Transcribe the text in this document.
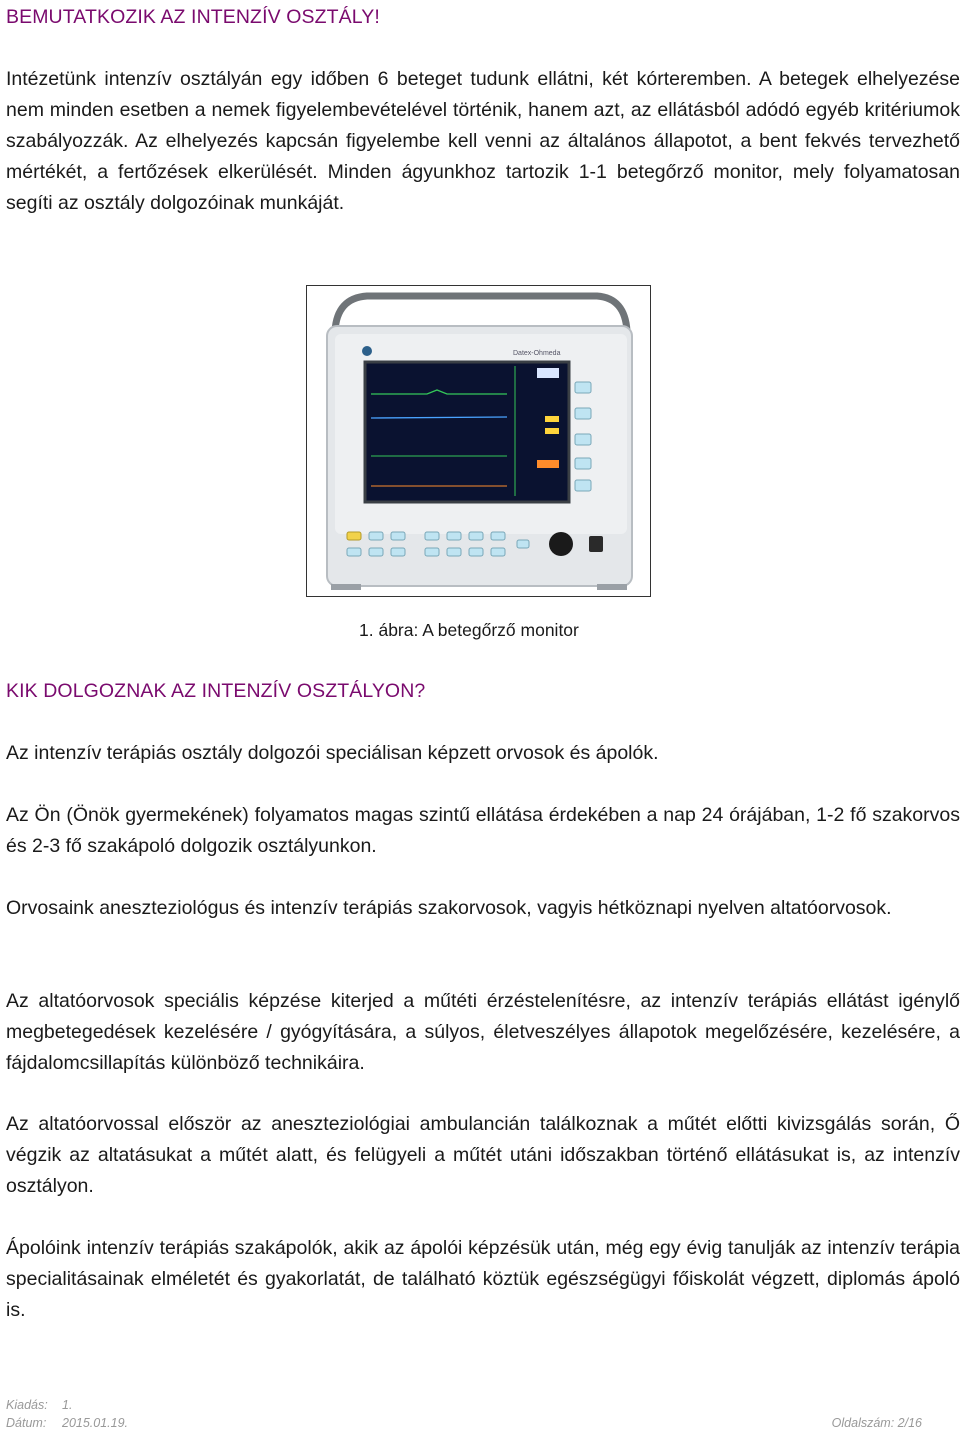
BEMUTATKOZIK AZ INTENZÍV OSZTÁLY!
Intézetünk intenzív osztályán egy időben 6 beteget tudunk ellátni, két kórteremben. A betegek elhelyezése nem minden esetben a nemek figyelembevételével történik, hanem azt, az ellátásból adódó egyéb kritériumok szabályozzák. Az elhelyezés kapcsán figyelembe kell venni az általános állapotot, a bent fekvés tervezhető mértékét, a fertőzések elkerülését. Minden ágyunkhoz tartozik 1-1 betegőrző monitor, mely folyamatosan segíti az osztály dolgozóinak munkáját.
Datex-Ohmeda
1. ábra: A betegőrző monitor
KIK DOLGOZNAK AZ INTENZÍV OSZTÁLYON?
Az intenzív terápiás osztály dolgozói speciálisan képzett orvosok és ápolók.
Az Ön (Önök gyermekének) folyamatos magas szintű ellátása érdekében a nap 24 órájában, 1-2 fő szakorvos és 2-3 fő szakápoló dolgozik osztályunkon.
Orvosaink aneszteziológus és intenzív terápiás szakorvosok, vagyis hétköznapi nyelven altatóorvosok.
Az altatóorvosok speciális képzése kiterjed a műtéti érzéstelenítésre, az intenzív terápiás ellátást igénylő megbetegedések kezelésére / gyógyítására, a súlyos, életveszélyes állapotok megelőzésére, kezelésére, a fájdalomcsillapítás különböző technikáira.
Az altatóorvossal először az aneszteziológiai ambulancián találkoznak a műtét előtti kivizsgálás során, Ő végzik az altatásukat a műtét alatt, és felügyeli a műtét utáni időszakban történő ellátásukat is, az intenzív osztályon.
Ápolóink intenzív terápiás szakápolók, akik az ápolói képzésük után, még egy évig tanulják az intenzív terápia specialitásainak elméletét és gyakorlatát, de található köztük egészségügyi főiskolát végzett, diplomás ápoló is.
Kiadás: 1.
Dátum: 2015.01.19.	Oldalszám: 2/16
